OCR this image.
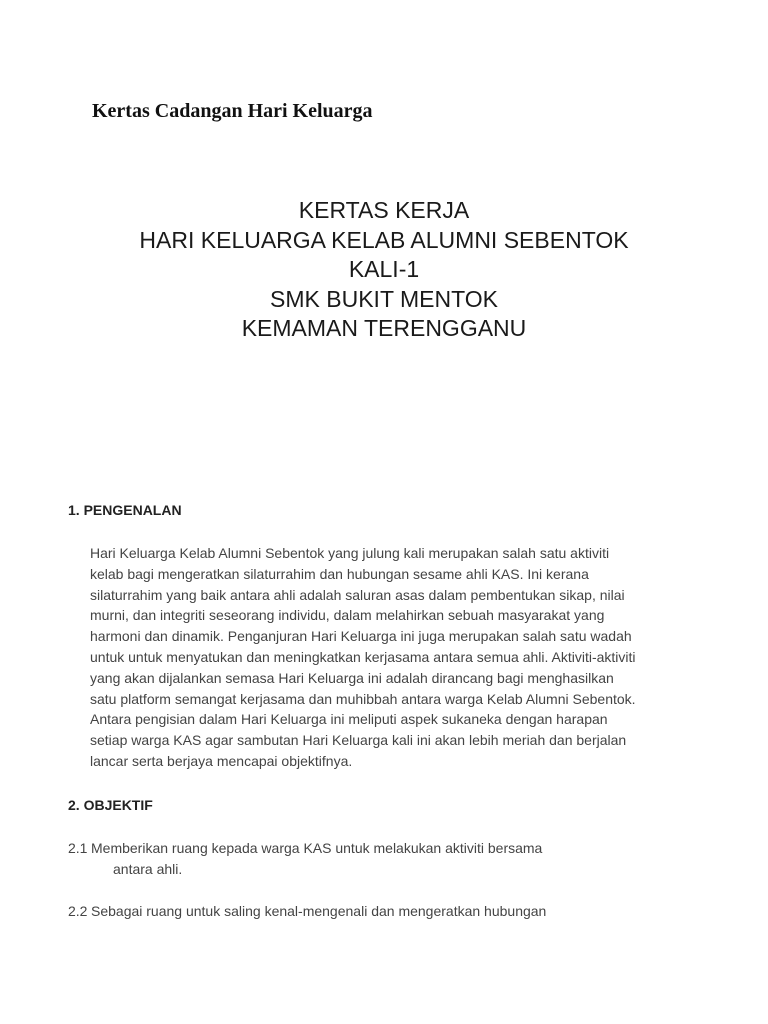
Kertas Cadangan Hari Keluarga
KERTAS KERJA
HARI KELUARGA KELAB ALUMNI SEBENTOK
KALI-1
SMK BUKIT MENTOK
KEMAMAN TERENGGANU
1. PENGENALAN
Hari Keluarga Kelab Alumni Sebentok yang julung kali merupakan salah satu aktiviti
kelab bagi mengeratkan silaturrahim dan hubungan sesame ahli KAS. Ini kerana
silaturrahim yang baik antara ahli adalah saluran asas dalam pembentukan sikap, nilai
murni, dan integriti seseorang individu, dalam melahirkan sebuah masyarakat yang
harmoni dan dinamik. Penganjuran Hari Keluarga ini juga merupakan salah satu wadah
untuk untuk menyatukan dan meningkatkan kerjasama antara semua ahli. Aktiviti-aktiviti
yang akan dijalankan semasa Hari Keluarga ini adalah dirancang bagi menghasilkan
satu platform semangat kerjasama dan muhibbah antara warga Kelab Alumni Sebentok.
Antara pengisian dalam Hari Keluarga ini meliputi aspek sukaneka dengan harapan
setiap warga KAS agar sambutan Hari Keluarga kali ini akan lebih meriah dan berjalan
lancar serta berjaya mencapai objektifnya.
2. OBJEKTIF
2.1 Memberikan ruang kepada warga KAS untuk melakukan aktiviti bersama
antara ahli.
2.2 Sebagai ruang untuk saling kenal-mengenali dan mengeratkan hubungan
